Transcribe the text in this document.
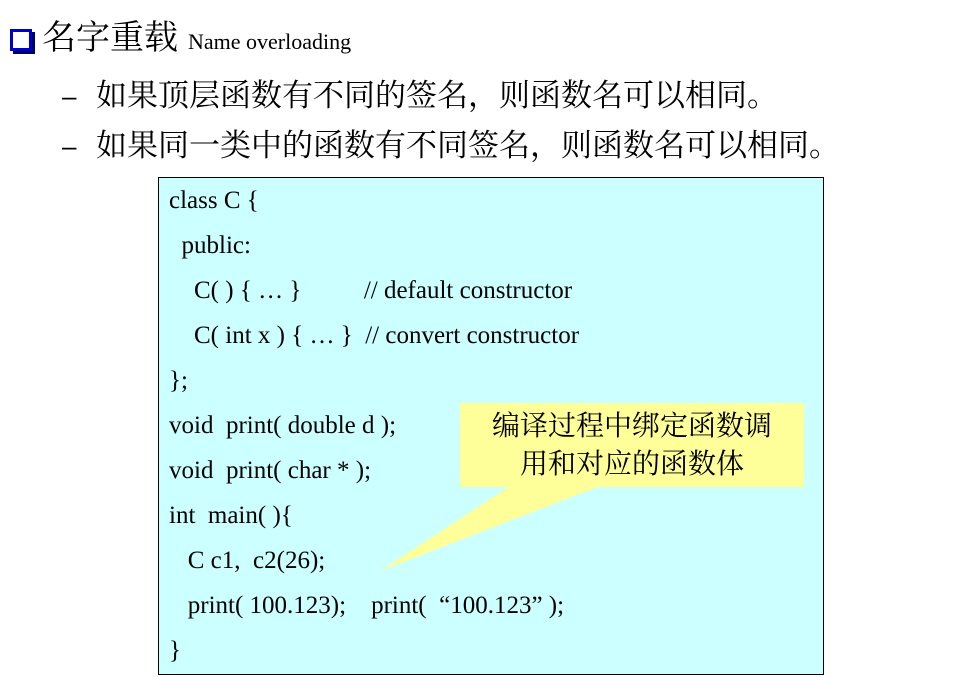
名字重载 Name overloading
– 如果顶层函数有不同的签名，则函数名可以相同。
– 如果同一类中的函数有不同签名，则函数名可以相同。
class C {
public:
C( ) { … }          // default constructor
C( int x ) { … }  // convert constructor
};
void  print( double d );
void  print( char * );
int  main( ){
C c1,  c2(26);
print( 100.123);    print(  “100.123” );
}
编译过程中绑定函数调
用和对应的函数体
